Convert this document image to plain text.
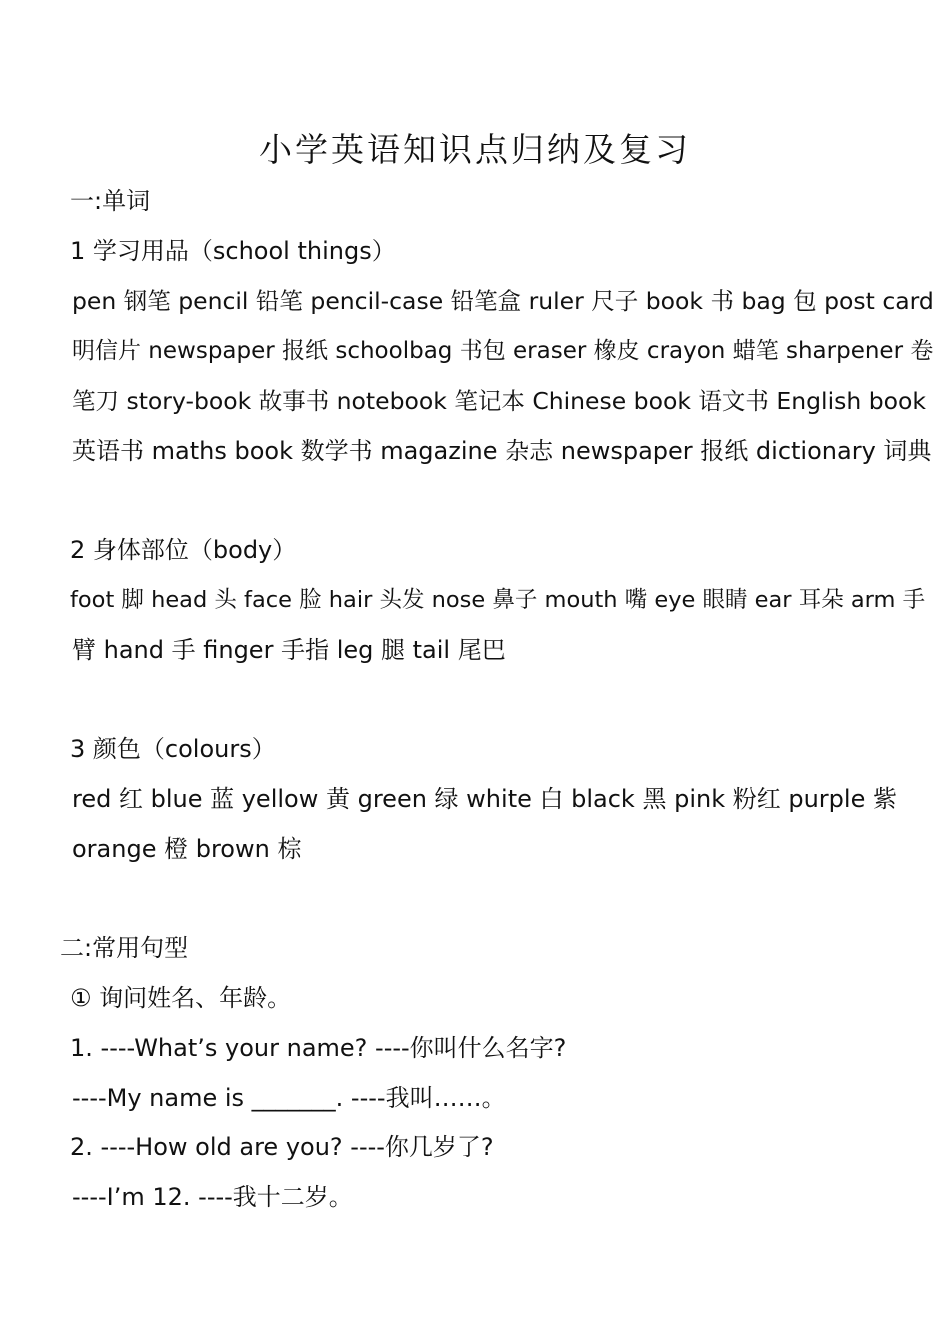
小学英语知识点归纳及复习
一:单词
1 学习用品（school things）
pen 钢笔 pencil 铅笔 pencil-case 铅笔盒 ruler 尺子 book 书 bag 包 post card
明信片 newspaper 报纸 schoolbag 书包 eraser 橡皮 crayon 蜡笔 sharpener 卷
笔刀 story-book 故事书 notebook 笔记本 Chinese book 语文书 English book
英语书 maths book 数学书 magazine 杂志 newspaper 报纸 dictionary 词典
2 身体部位（body）
foot 脚 head 头 face 脸 hair 头发 nose 鼻子 mouth 嘴 eye 眼睛 ear 耳朵 arm 手
臂 hand 手 finger 手指 leg 腿 tail 尾巴
3 颜色（colours）
red 红 blue 蓝 yellow 黄 green 绿 white 白 black 黑 pink 粉红 purple 紫
orange 橙 brown 棕
二:常用句型
① 询问姓名、年龄。
1. ----What’s your name? ----你叫什么名字?
----My name is _______. ----我叫……。
2. ----How old are you? ----你几岁了?
----I’m 12. ----我十二岁。
